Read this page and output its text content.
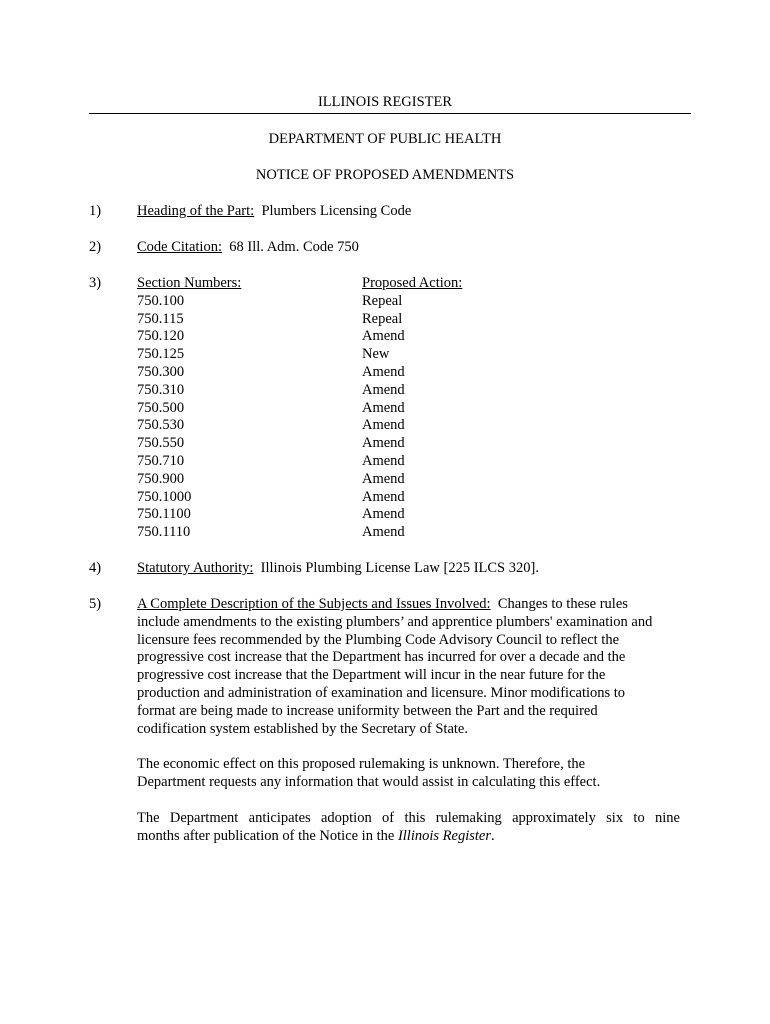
ILLINOIS REGISTER
DEPARTMENT OF PUBLIC HEALTH
NOTICE OF PROPOSED AMENDMENTS
1) Heading of the Part: Plumbers Licensing Code
2) Code Citation: 68 Ill. Adm. Code 750
3) Section Numbers:
750.100
750.115
750.120
750.125
750.300
750.310
750.500
750.530
750.550
750.710
750.900
750.1000
750.1100
750.1110
Proposed Action:
Repeal
Repeal
Amend
New
Amend
Amend
Amend
Amend
Amend
Amend
Amend
Amend
Amend
Amend
4) Statutory Authority: Illinois Plumbing License Law [225 ILCS 320].
5) A Complete Description of the Subjects and Issues Involved: Changes to these rules
include amendments to the existing plumbers’ and apprentice plumbers' examination and
licensure fees recommended by the Plumbing Code Advisory Council to reflect the
progressive cost increase that the Department has incurred for over a decade and the
progressive cost increase that the Department will incur in the near future for the
production and administration of examination and licensure. Minor modifications to
format are being made to increase uniformity between the Part and the required
codification system established by the Secretary of State.
The economic effect on this proposed rulemaking is unknown. Therefore, the
Department requests any information that would assist in calculating this effect.
The Department anticipates adoption of this rulemaking approximately six to nine
months after publication of the Notice in the Illinois Register.
